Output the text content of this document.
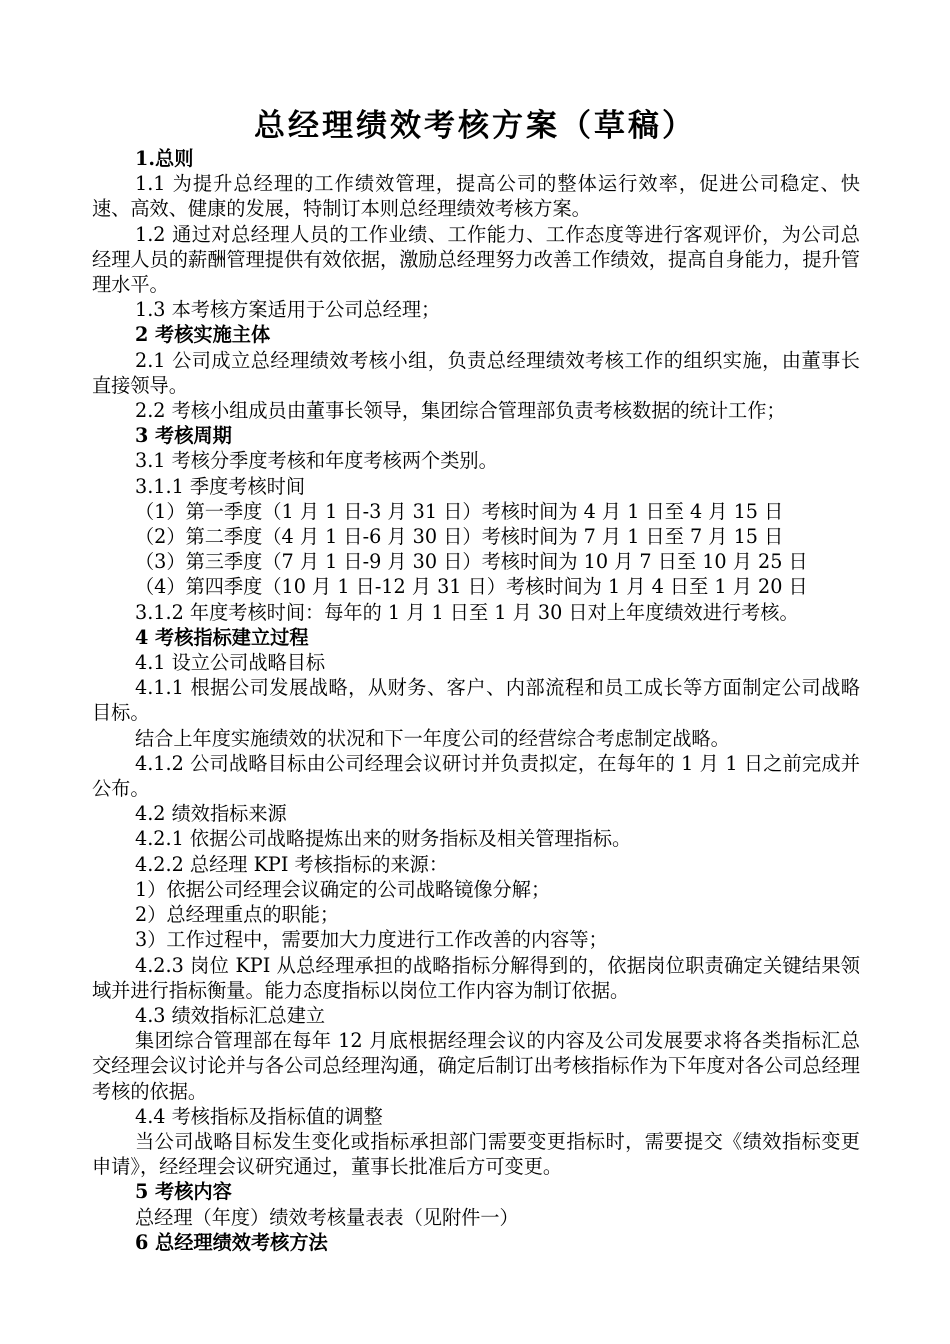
总经理绩效考核方案（草稿）

1.总则

1.1 为提升总经理的工作绩效管理，提高公司的整体运行效率，促进公司稳定、快速、高效、健康的发展，特制订本则总经理绩效考核方案。

1.2 通过对总经理人员的工作业绩、工作能力、工作态度等进行客观评价，为公司总经理人员的薪酬管理提供有效依据，激励总经理努力改善工作绩效，提高自身能力，提升管理水平。

1.3 本考核方案适用于公司总经理；

2 考核实施主体

2.1 公司成立总经理绩效考核小组，负责总经理绩效考核工作的组织实施，由董事长直接领导。

2.2 考核小组成员由董事长领导，集团综合管理部负责考核数据的统计工作；

3 考核周期

3.1 考核分季度考核和年度考核两个类别。

3.1.1 季度考核时间

（1）第一季度（1 月 1 日-3 月 31 日）考核时间为 4 月 1 日至 4 月 15 日

（2）第二季度（4 月 1 日-6 月 30 日）考核时间为 7 月 1 日至 7 月 15 日

（3）第三季度（7 月 1 日-9 月 30 日）考核时间为 10 月 7 日至 10 月 25 日

（4）第四季度（10 月 1 日-12 月 31 日）考核时间为 1 月 4 日至 1 月 20 日

3.1.2 年度考核时间：每年的 1 月 1 日至 1 月 30 日对上年度绩效进行考核。

4 考核指标建立过程

4.1 设立公司战略目标

4.1.1 根据公司发展战略，从财务、客户、内部流程和员工成长等方面制定公司战略目标。

结合上年度实施绩效的状况和下一年度公司的经营综合考虑制定战略。

4.1.2 公司战略目标由公司经理会议研讨并负责拟定，在每年的 1 月 1 日之前完成并公布。

4.2 绩效指标来源

4.2.1 依据公司战略提炼出来的财务指标及相关管理指标。

4.2.2 总经理 KPI 考核指标的来源：

1）依据公司经理会议确定的公司战略镜像分解；

2）总经理重点的职能；

3）工作过程中，需要加大力度进行工作改善的内容等；

4.2.3 岗位 KPI 从总经理承担的战略指标分解得到的，依据岗位职责确定关键结果领域并进行指标衡量。能力态度指标以岗位工作内容为制订依据。

4.3 绩效指标汇总建立

集团综合管理部在每年 12 月底根据经理会议的内容及公司发展要求将各类指标汇总交经理会议讨论并与各公司总经理沟通，确定后制订出考核指标作为下年度对各公司总经理考核的依据。

4.4 考核指标及指标值的调整

当公司战略目标发生变化或指标承担部门需要变更指标时，需要提交《绩效指标变更申请》，经经理会议研究通过，董事长批准后方可变更。

5 考核内容

总经理（年度）绩效考核量表表（见附件一）

6 总经理绩效考核方法
